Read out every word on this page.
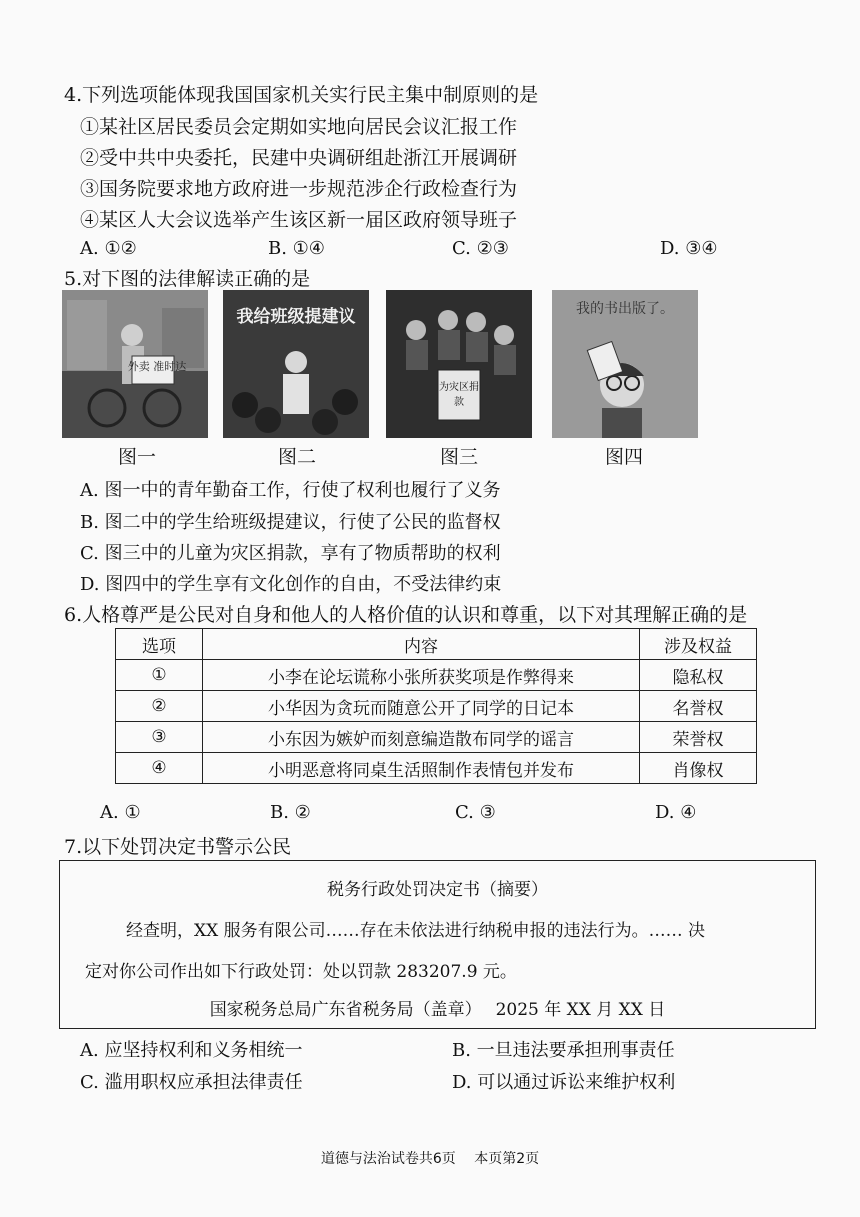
4.下列选项能体现我国国家机关实行民主集中制原则的是
①某社区居民委员会定期如实地向居民会议汇报工作
②受中共中央委托，民建中央调研组赴浙江开展调研
③国务院要求地方政府进一步规范涉企行政检查行为
④某区人大会议选举产生该区新一届区政府领导班子
A. ①②	B. ①④	C. ②③	D. ③④
5.对下图的法律解读正确的是
外卖 准时达
我给班级提建议
为灾区捐款
我的书出版了。
图一	图二	图三	图四
A. 图一中的青年勤奋工作，行使了权利也履行了义务
B. 图二中的学生给班级提建议，行使了公民的监督权
C. 图三中的儿童为灾区捐款，享有了物质帮助的权利
D. 图四中的学生享有文化创作的自由，不受法律约束
6.人格尊严是公民对自身和他人的人格价值的认识和尊重，以下对其理解正确的是
选项	内容	涉及权益
①	小李在论坛谎称小张所获奖项是作弊得来	隐私权
②	小华因为贪玩而随意公开了同学的日记本	名誉权
③	小东因为嫉妒而刻意编造散布同学的谣言	荣誉权
④	小明恶意将同桌生活照制作表情包并发布	肖像权
A. ①	B. ②	C. ③	D. ④
7.以下处罚决定书警示公民
税务行政处罚决定书（摘要）
经查明，XX 服务有限公司……存在未依法进行纳税申报的违法行为。…… 决
定对你公司作出如下行政处罚：处以罚款 283207.9 元。
国家税务总局广东省税务局（盖章）　 2025 年 XX 月 XX 日
A. 应坚持权利和义务相统一	B. 一旦违法要承担刑事责任
C. 滥用职权应承担法律责任	D. 可以通过诉讼来维护权利
道德与法治试卷共6页　 本页第2页
